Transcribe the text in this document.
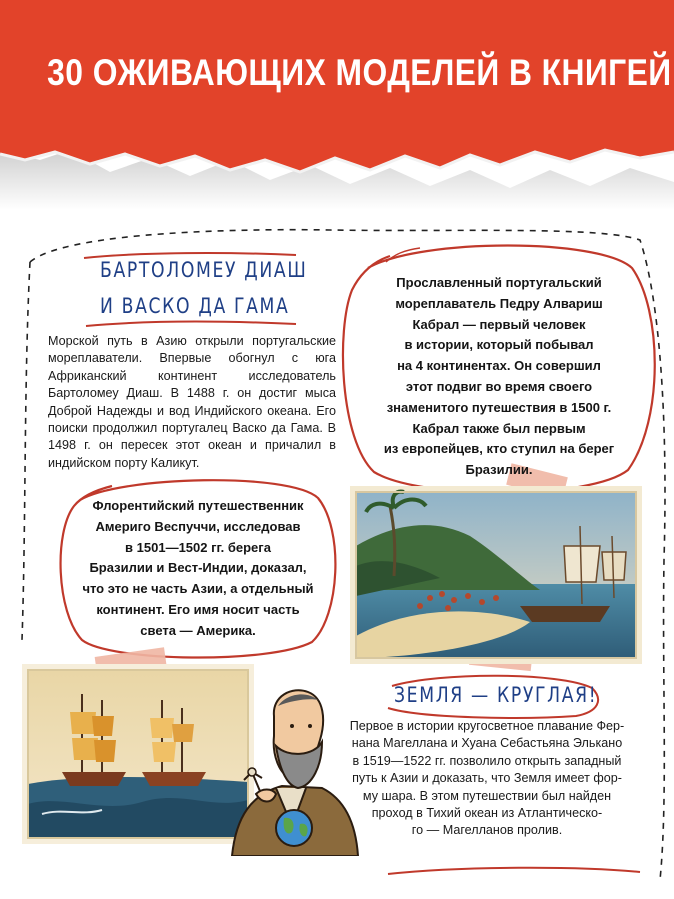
30 ОЖИВАЮЩИХ МОДЕЛЕЙ В КНИГЕЙ
БАРТОЛОМЕУ ДИАШ
И ВАСКО ДА ГАМА
Морской путь в Азию открыли португальские мореплаватели. Впервые обогнул с юга Африканский континент исследователь Бартоломеу Диаш. В 1488 г. он достиг мыса Доброй Надежды и вод Индийского океана. Его поиски продолжил португалец Васко да Гама. В 1498 г. он пересек этот океан и причалил в индийском порту Каликут.
Прославленный португальский
мореплаватель Педру Алвариш
Кабрал — первый человек
в истории, который побывал
на 4 континентах. Он совершил
этот подвиг во время своего
знаменитого путешествия в 1500 г.
Кабрал также был первым
из европейцев, кто ступил на берег
Бразилии.
Флорентийский путешественник
Америго Веспуччи, исследовав
в 1501—1502 гг. берега
Бразилии и Вест-Индии, доказал,
что это не часть Азии, а отдельный
континент. Его имя носит часть
света — Америка.
ЗЕМЛЯ — КРУГЛАЯ!
Первое в истории кругосветное плавание Фер-
нана Магеллана и Хуана Себастьяна Элькано
в 1519—1522 гг. позволило открыть западный
путь к Азии и доказать, что Земля имеет фор-
му шара. В этом путешествии был найден
проход в Тихий океан из Атлантическо-
го — Магелланов пролив.
